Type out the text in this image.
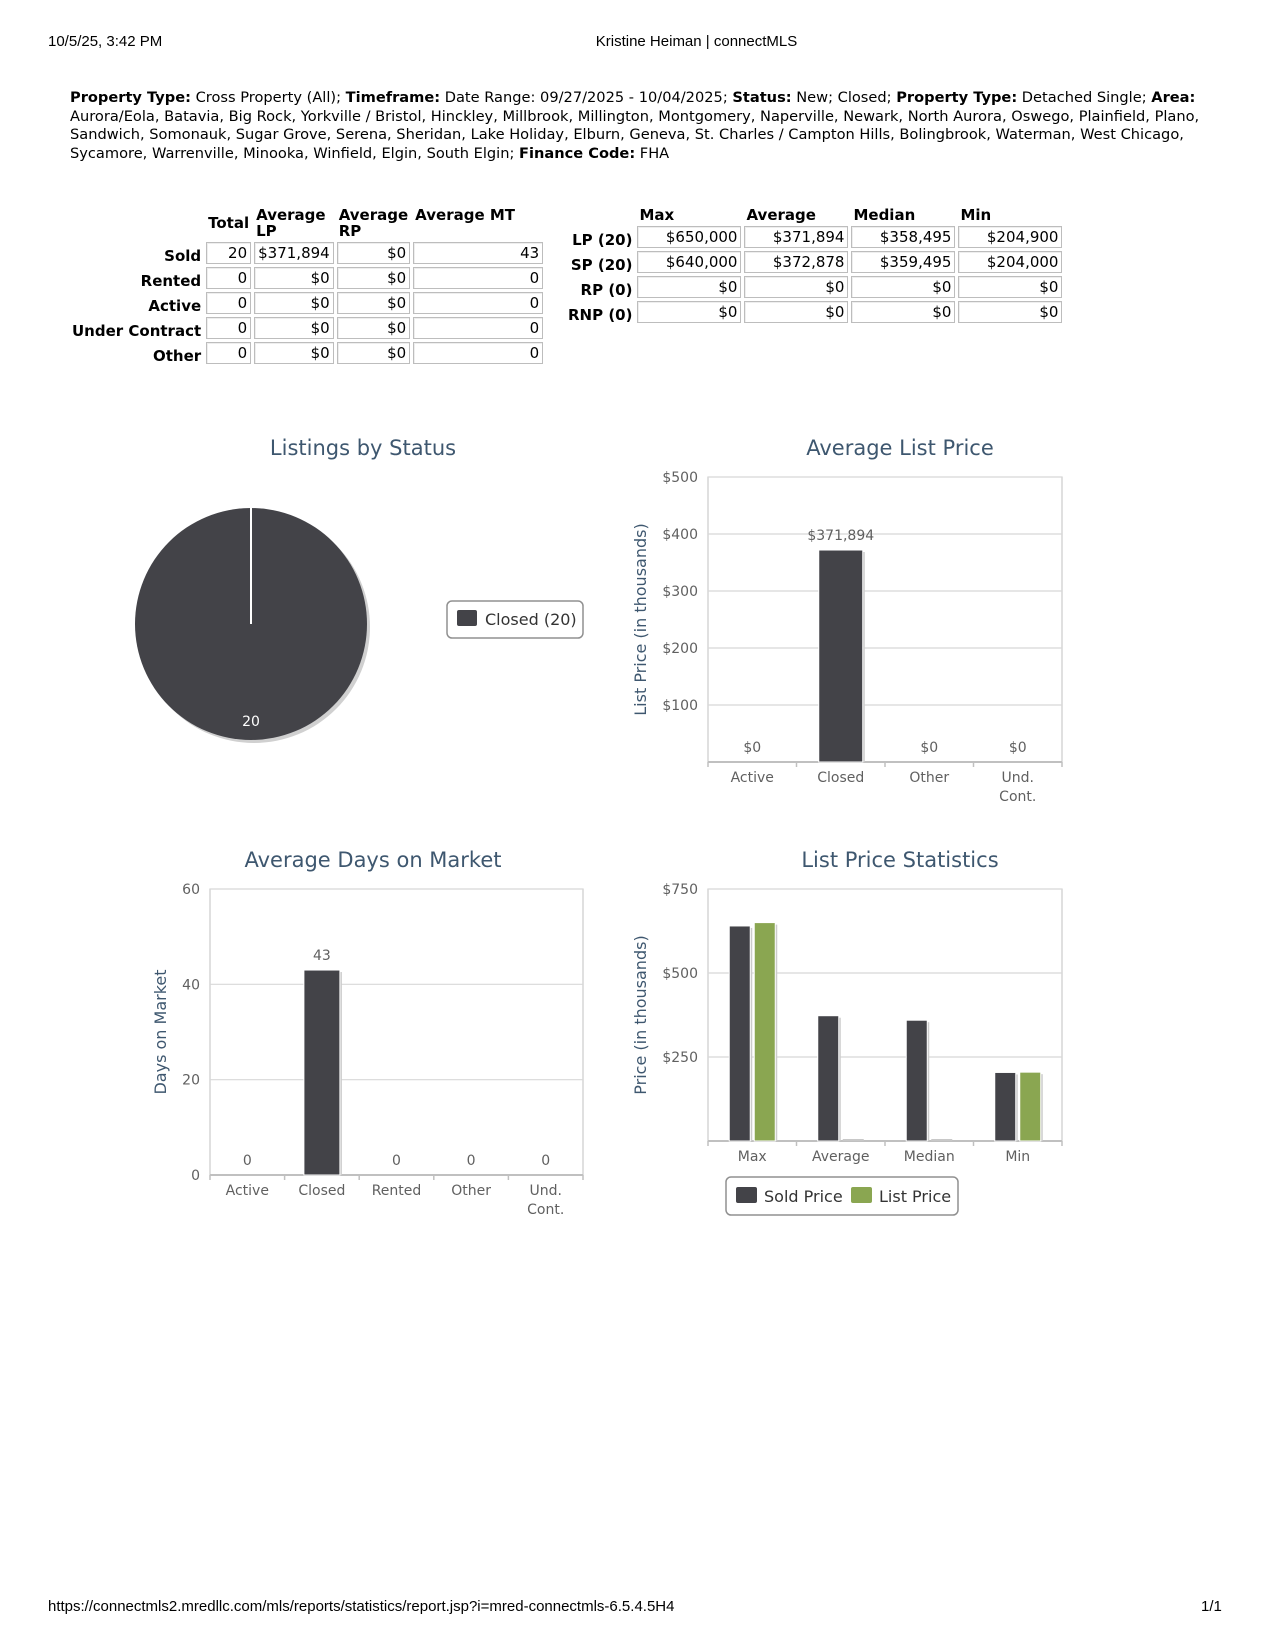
10/5/25, 3:42 PM	Kristine Heiman | connectMLS
Property Type: Cross Property (All); Timeframe: Date Range: 09/27/2025 - 10/04/2025; Status: New; Closed; Property Type: Detached Single; Area: Aurora/Eola, Batavia, Big Rock, Yorkville / Bristol, Hinckley, Millbrook, Millington, Montgomery, Naperville, Newark, North Aurora, Oswego, Plainfield, Plano, Sandwich, Somonauk, Sugar Grove, Serena, Sheridan, Lake Holiday, Elburn, Geneva, St. Charles / Campton Hills, Bolingbrook, Waterman, West Chicago, Sycamore, Warrenville, Minooka, Winfield, Elgin, South Elgin; Finance Code: FHA
	Total	Average LP	Average RP	Average MT
Sold	20	$371,894	$0	43
Rented	0	$0	$0	0
Active	0	$0	$0	0
Under Contract	0	$0	$0	0
Other	0	$0	$0	0
	Max	Average	Median	Min
LP (20)	$650,000	$371,894	$358,495	$204,900
SP (20)	$640,000	$372,878	$359,495	$204,000
RP (0)	$0	$0	$0	$0
RNP (0)	$0	$0	$0	$0
Listings by Status	Average List Price
Average Days on Market	List Price Statistics
20
Closed (20)
$100
$200
$300
$400
$500
List Price (in thousands)
Active	Closed	Other	Und. Cont.
$0
$371,894
$0	$0
0
20
40
60
Days on Market
Active Closed Rented Other	Und. Cont.
0
43
0	0	0
$250
$500
$750
Price (in thousands)
Max	Average Median	Min
Sold Price List Price
https://connectmls2.mredllc.com/mls/reports/statistics/report.jsp?i=mred-connectmls-6.5.4.5H4	1/1
